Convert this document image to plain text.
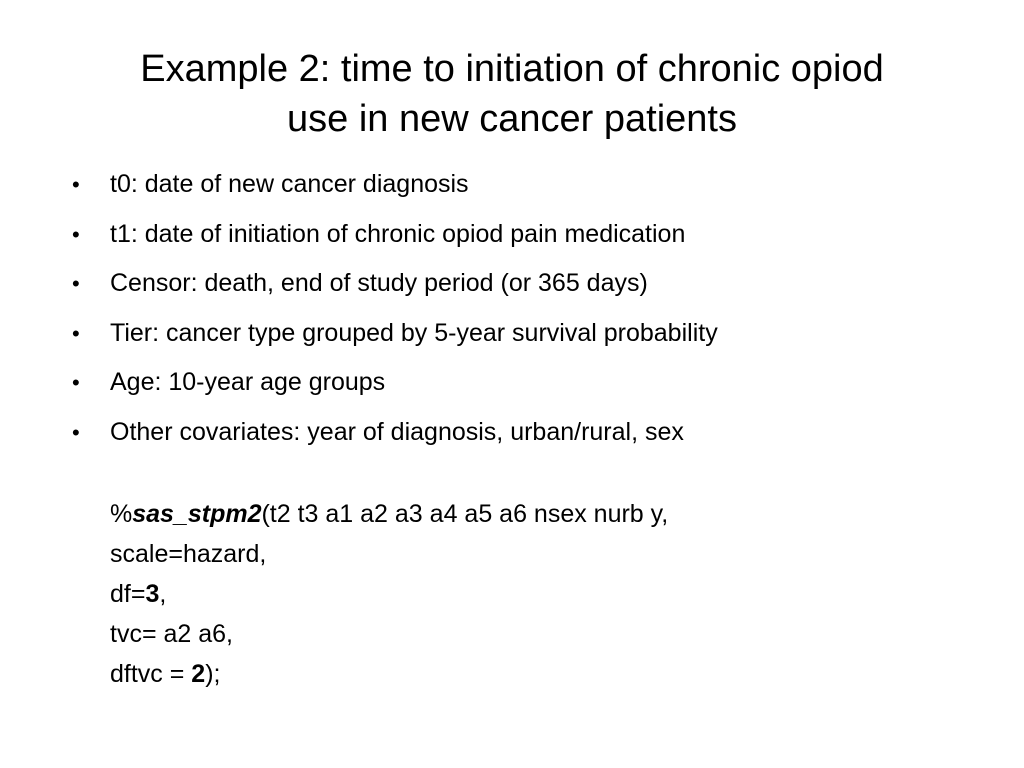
Example 2: time to initiation of chronic opiod
use in new cancer patients
•	t0: date of new cancer diagnosis
•	t1: date of initiation of chronic opiod pain medication
•	Censor: death, end of study period (or 365 days)
•	Tier: cancer type grouped by 5-year survival probability
•	Age: 10-year age groups
•	Other covariates: year of diagnosis, urban/rural, sex
%sas_stpm2(t2 t3 a1 a2 a3 a4 a5 a6 nsex nurb y,
scale=hazard,
df=3,
tvc= a2 a6,
dftvc = 2);
